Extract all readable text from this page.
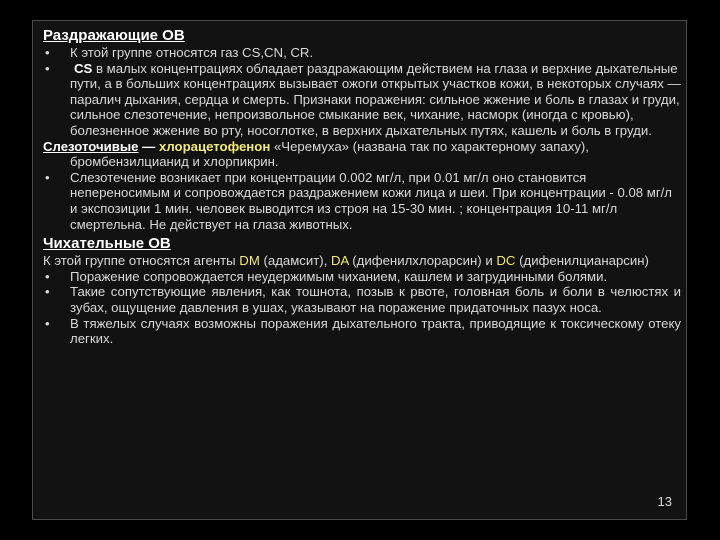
Раздражающие ОВ
• К этой группе относятся газ CS,CN, CR.
• CS в малых концентрациях обладает раздражающим действием на глаза и верхние дыхательные пути, а в больших концентрациях вызывает ожоги открытых участков кожи, в некоторых случаях — паралич дыхания, сердца и смерть. Признаки поражения: сильное жжение и боль в глазах и груди, сильное слезотечение, непроизвольное смыкание век, чихание, насморк (иногда с кровью), болезненное жжение во рту, носоглотке, в верхних дыхательных путях, кашель и боль в груди.
Слезоточивые — хлорацетофенон «Черемуха» (названа так по характерному запаху), бромбензилцианид и хлорпикрин.
• Слезотечение возникает при концентрации 0.002 мг/л, при 0.01 мг/л оно становится непереносимым и сопровождается раздражением кожи лица и шеи. При концентрации - 0.08 мг/л и экспозиции 1 мин. человек выводится из строя на 15-30 мин. ; концентрация 10-11 мг/л смертельна. Не действует на глаза животных.
Чихательные ОВ
К этой группе относятся агенты DM (адамсит), DA (дифенилхлорарсин) и DC (дифенилцианарсин)
• Поражение сопровождается неудержимым чиханием, кашлем и загрудинными болями.
• Такие сопутствующие явления, как тошнота, позыв к рвоте, головная боль и боли в челюстях и зубах, ощущение давления в ушах, указывают на поражение придаточных пазух носа.
• В тяжелых случаях возможны поражения дыхательного тракта, приводящие к токсическому отеку легких.
13
